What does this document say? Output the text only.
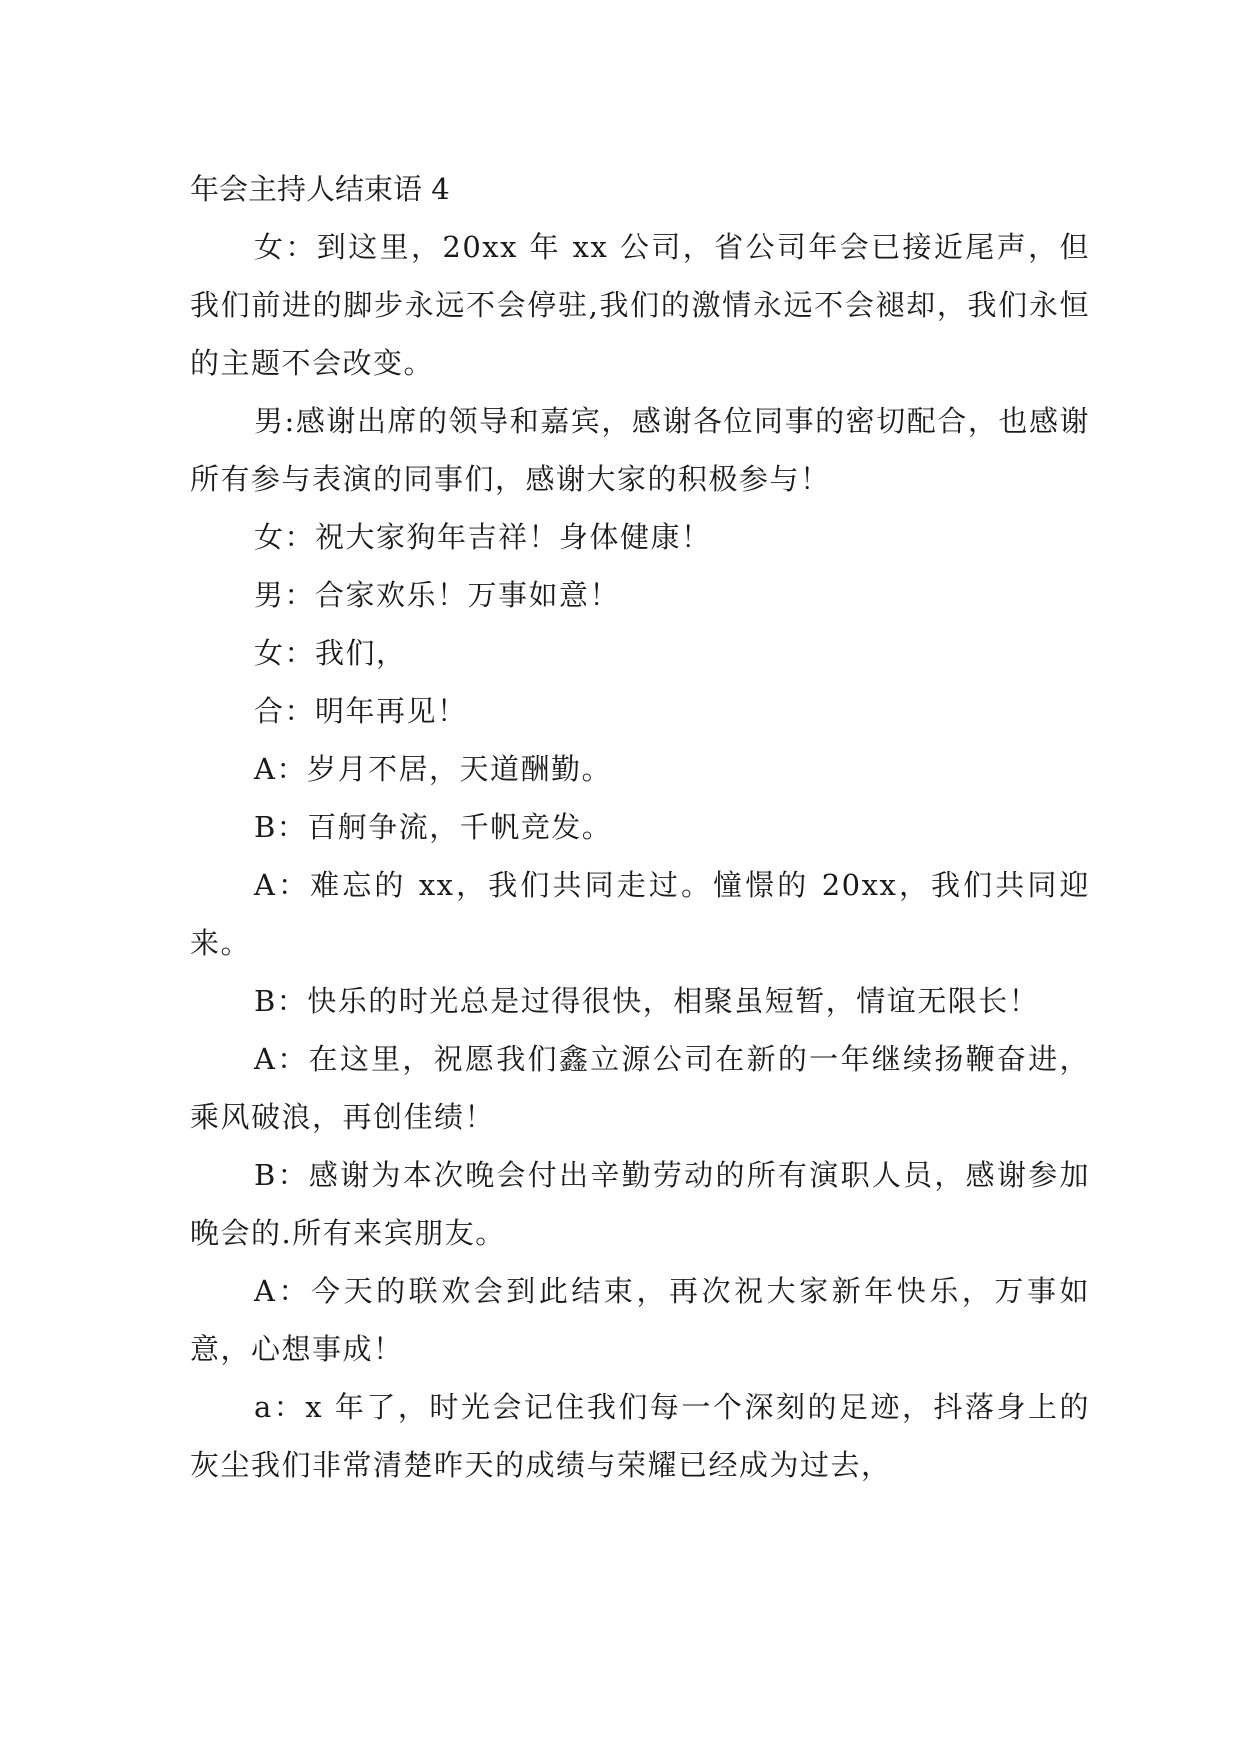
年会主持人结束语 4

女：到这里，20xx 年 xx 公司，省公司年会已接近尾声，但我们前进的脚步永远不会停驻,我们的激情永远不会褪却，我们永恒的主题不会改变。

男:感谢出席的领导和嘉宾，感谢各位同事的密切配合，也感谢所有参与表演的同事们，感谢大家的积极参与！

女：祝大家狗年吉祥！身体健康！

男：合家欢乐！万事如意！

女：我们，

合：明年再见！

A：岁月不居，天道酬勤。

B：百舸争流，千帆竞发。

A：难忘的 xx，我们共同走过。憧憬的 20xx，我们共同迎来。

B：快乐的时光总是过得很快，相聚虽短暂，情谊无限长！

A：在这里，祝愿我们鑫立源公司在新的一年继续扬鞭奋进，乘风破浪，再创佳绩！

B：感谢为本次晚会付出辛勤劳动的所有演职人员，感谢参加晚会的.所有来宾朋友。

A：今天的联欢会到此结束，再次祝大家新年快乐，万事如意，心想事成！

a：x 年了，时光会记住我们每一个深刻的足迹，抖落身上的灰尘我们非常清楚昨天的成绩与荣耀已经成为过去，
